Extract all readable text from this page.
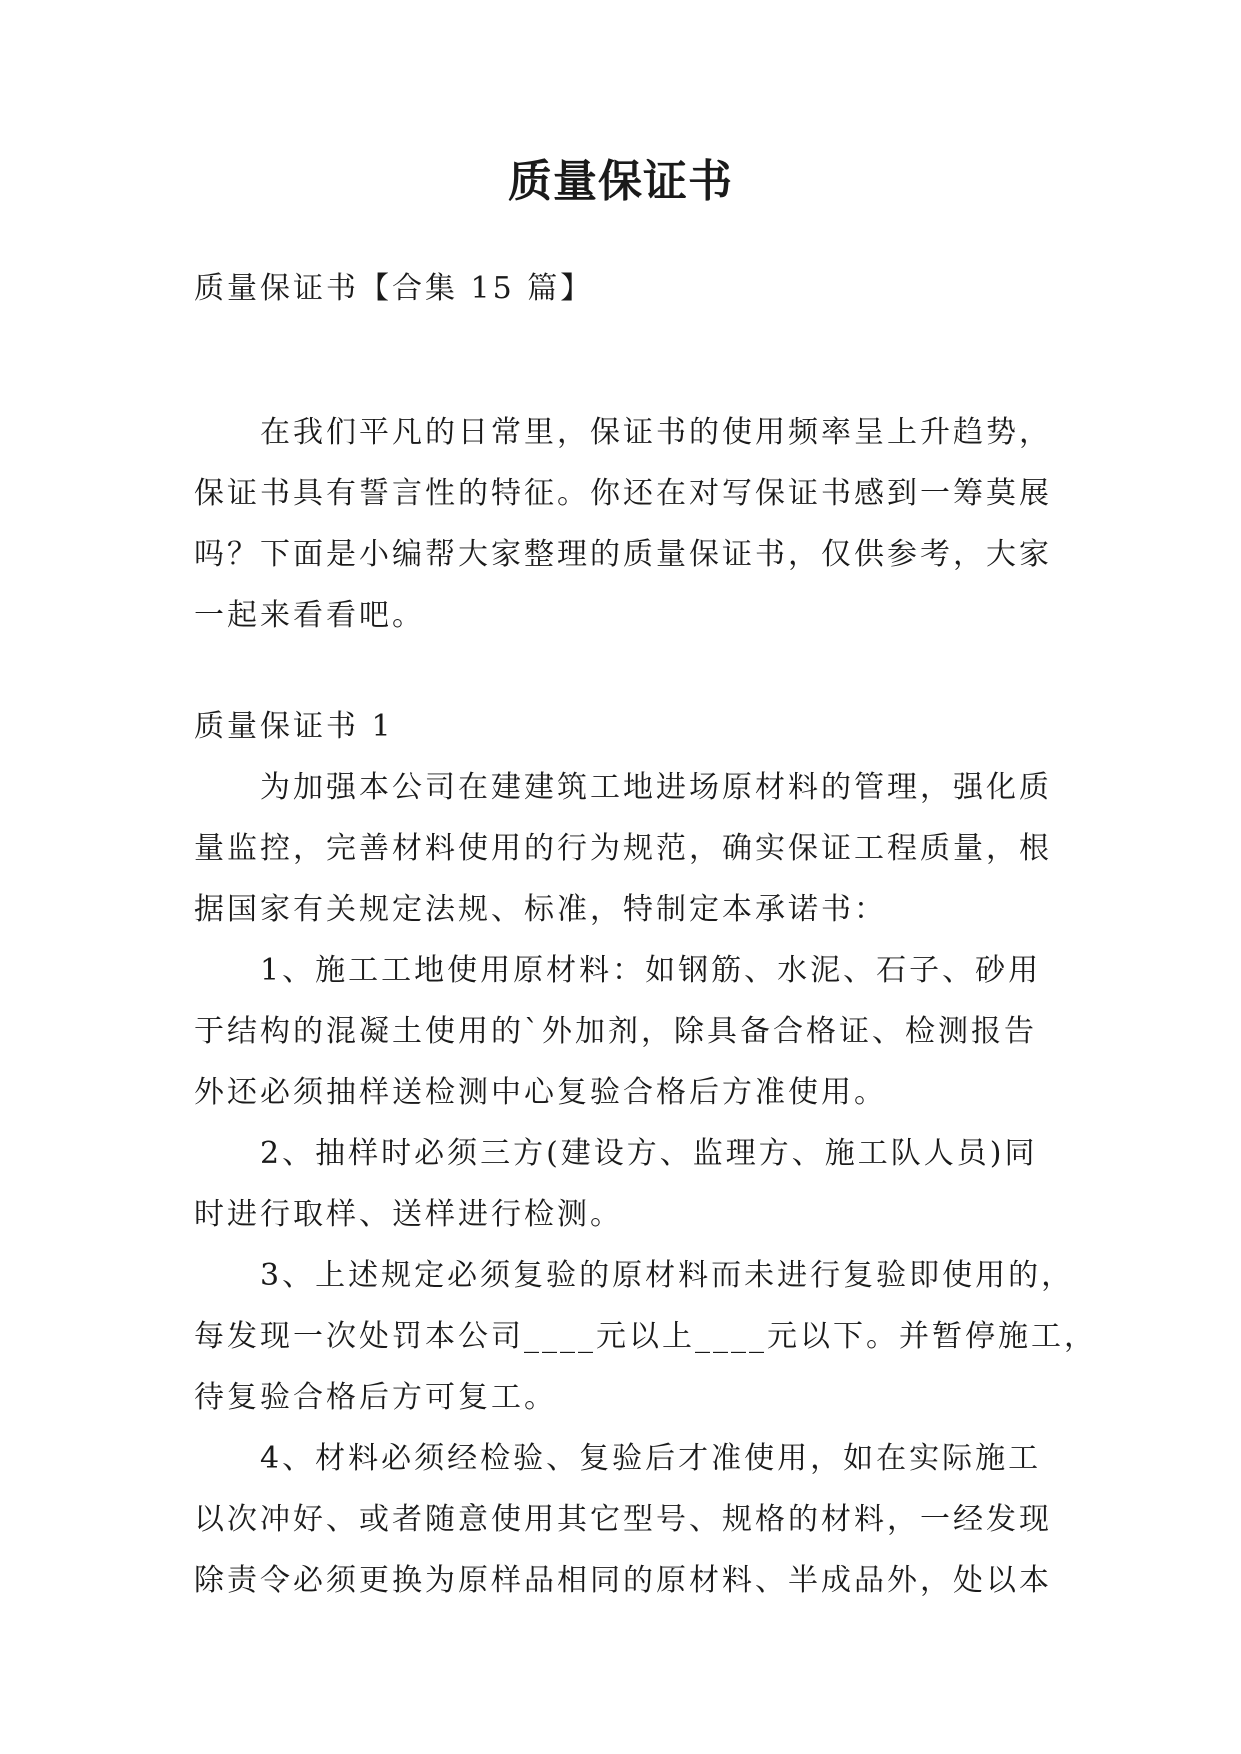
质量保证书
质量保证书【合集 15 篇】
在我们平凡的日常里，保证书的使用频率呈上升趋势，
保证书具有誓言性的特征。你还在对写保证书感到一筹莫展
吗？下面是小编帮大家整理的质量保证书，仅供参考，大家
一起来看看吧。
质量保证书 1
为加强本公司在建建筑工地进场原材料的管理，强化质
量监控，完善材料使用的行为规范，确实保证工程质量，根
据国家有关规定法规、标准，特制定本承诺书：
1、施工工地使用原材料：如钢筋、水泥、石子、砂用
于结构的混凝土使用的`外加剂，除具备合格证、检测报告
外还必须抽样送检测中心复验合格后方准使用。
2、抽样时必须三方(建设方、监理方、施工队人员)同
时进行取样、送样进行检测。
3、上述规定必须复验的原材料而未进行复验即使用的，
每发现一次处罚本公司____元以上____元以下。并暂停施工，
待复验合格后方可复工。
4、材料必须经检验、复验后才准使用，如在实际施工
以次冲好、或者随意使用其它型号、规格的材料，一经发现
除责令必须更换为原样品相同的原材料、半成品外，处以本
